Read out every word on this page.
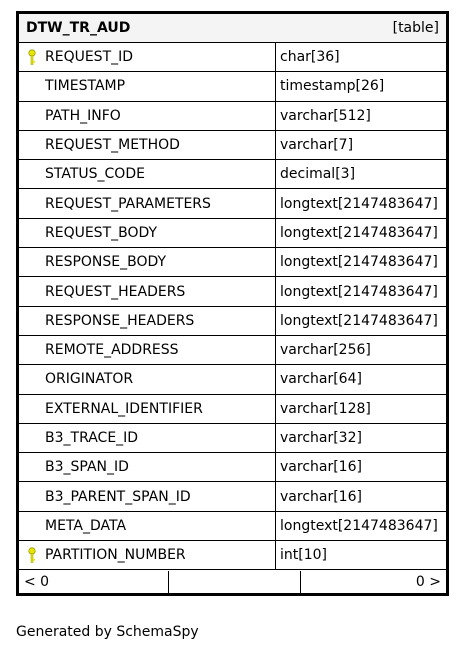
DTW_TR_AUD	[table]
REQUEST_ID	char[36]
TIMESTAMP	timestamp[26]
PATH_INFO	varchar[512]
REQUEST_METHOD	varchar[7]
STATUS_CODE	decimal[3]
REQUEST_PARAMETERS	longtext[2147483647]
REQUEST_BODY	longtext[2147483647]
RESPONSE_BODY	longtext[2147483647]
REQUEST_HEADERS	longtext[2147483647]
RESPONSE_HEADERS	longtext[2147483647]
REMOTE_ADDRESS	varchar[256]
ORIGINATOR	varchar[64]
EXTERNAL_IDENTIFIER	varchar[128]
B3_TRACE_ID	varchar[32]
B3_SPAN_ID	varchar[16]
B3_PARENT_SPAN_ID	varchar[16]
META_DATA	longtext[2147483647]
PARTITION_NUMBER	int[10]
< 0	0 >
Generated by SchemaSpy
